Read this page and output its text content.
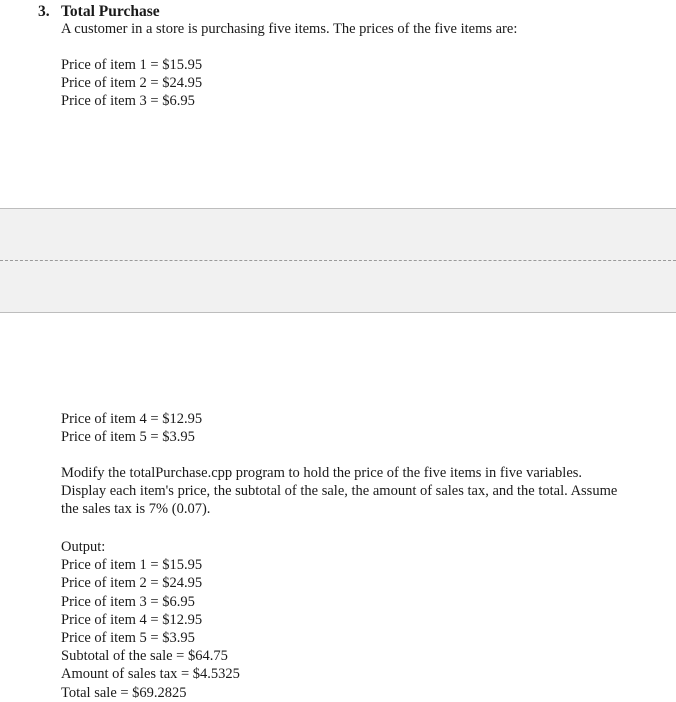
3. Total Purchase
A customer in a store is purchasing five items. The prices of the five items are:
Price of item 1 = $15.95
Price of item 2 = $24.95
Price of item 3 = $6.95
Price of item 4 = $12.95
Price of item 5 = $3.95
Modify the totalPurchase.cpp program to hold the price of the five items in five variables.
Display each item's price, the subtotal of the sale, the amount of sales tax, and the total. Assume
the sales tax is 7% (0.07).
Output:
Price of item 1 = $15.95
Price of item 2 = $24.95
Price of item 3 = $6.95
Price of item 4 = $12.95
Price of item 5 = $3.95
Subtotal of the sale = $64.75
Amount of sales tax = $4.5325
Total sale = $69.2825
